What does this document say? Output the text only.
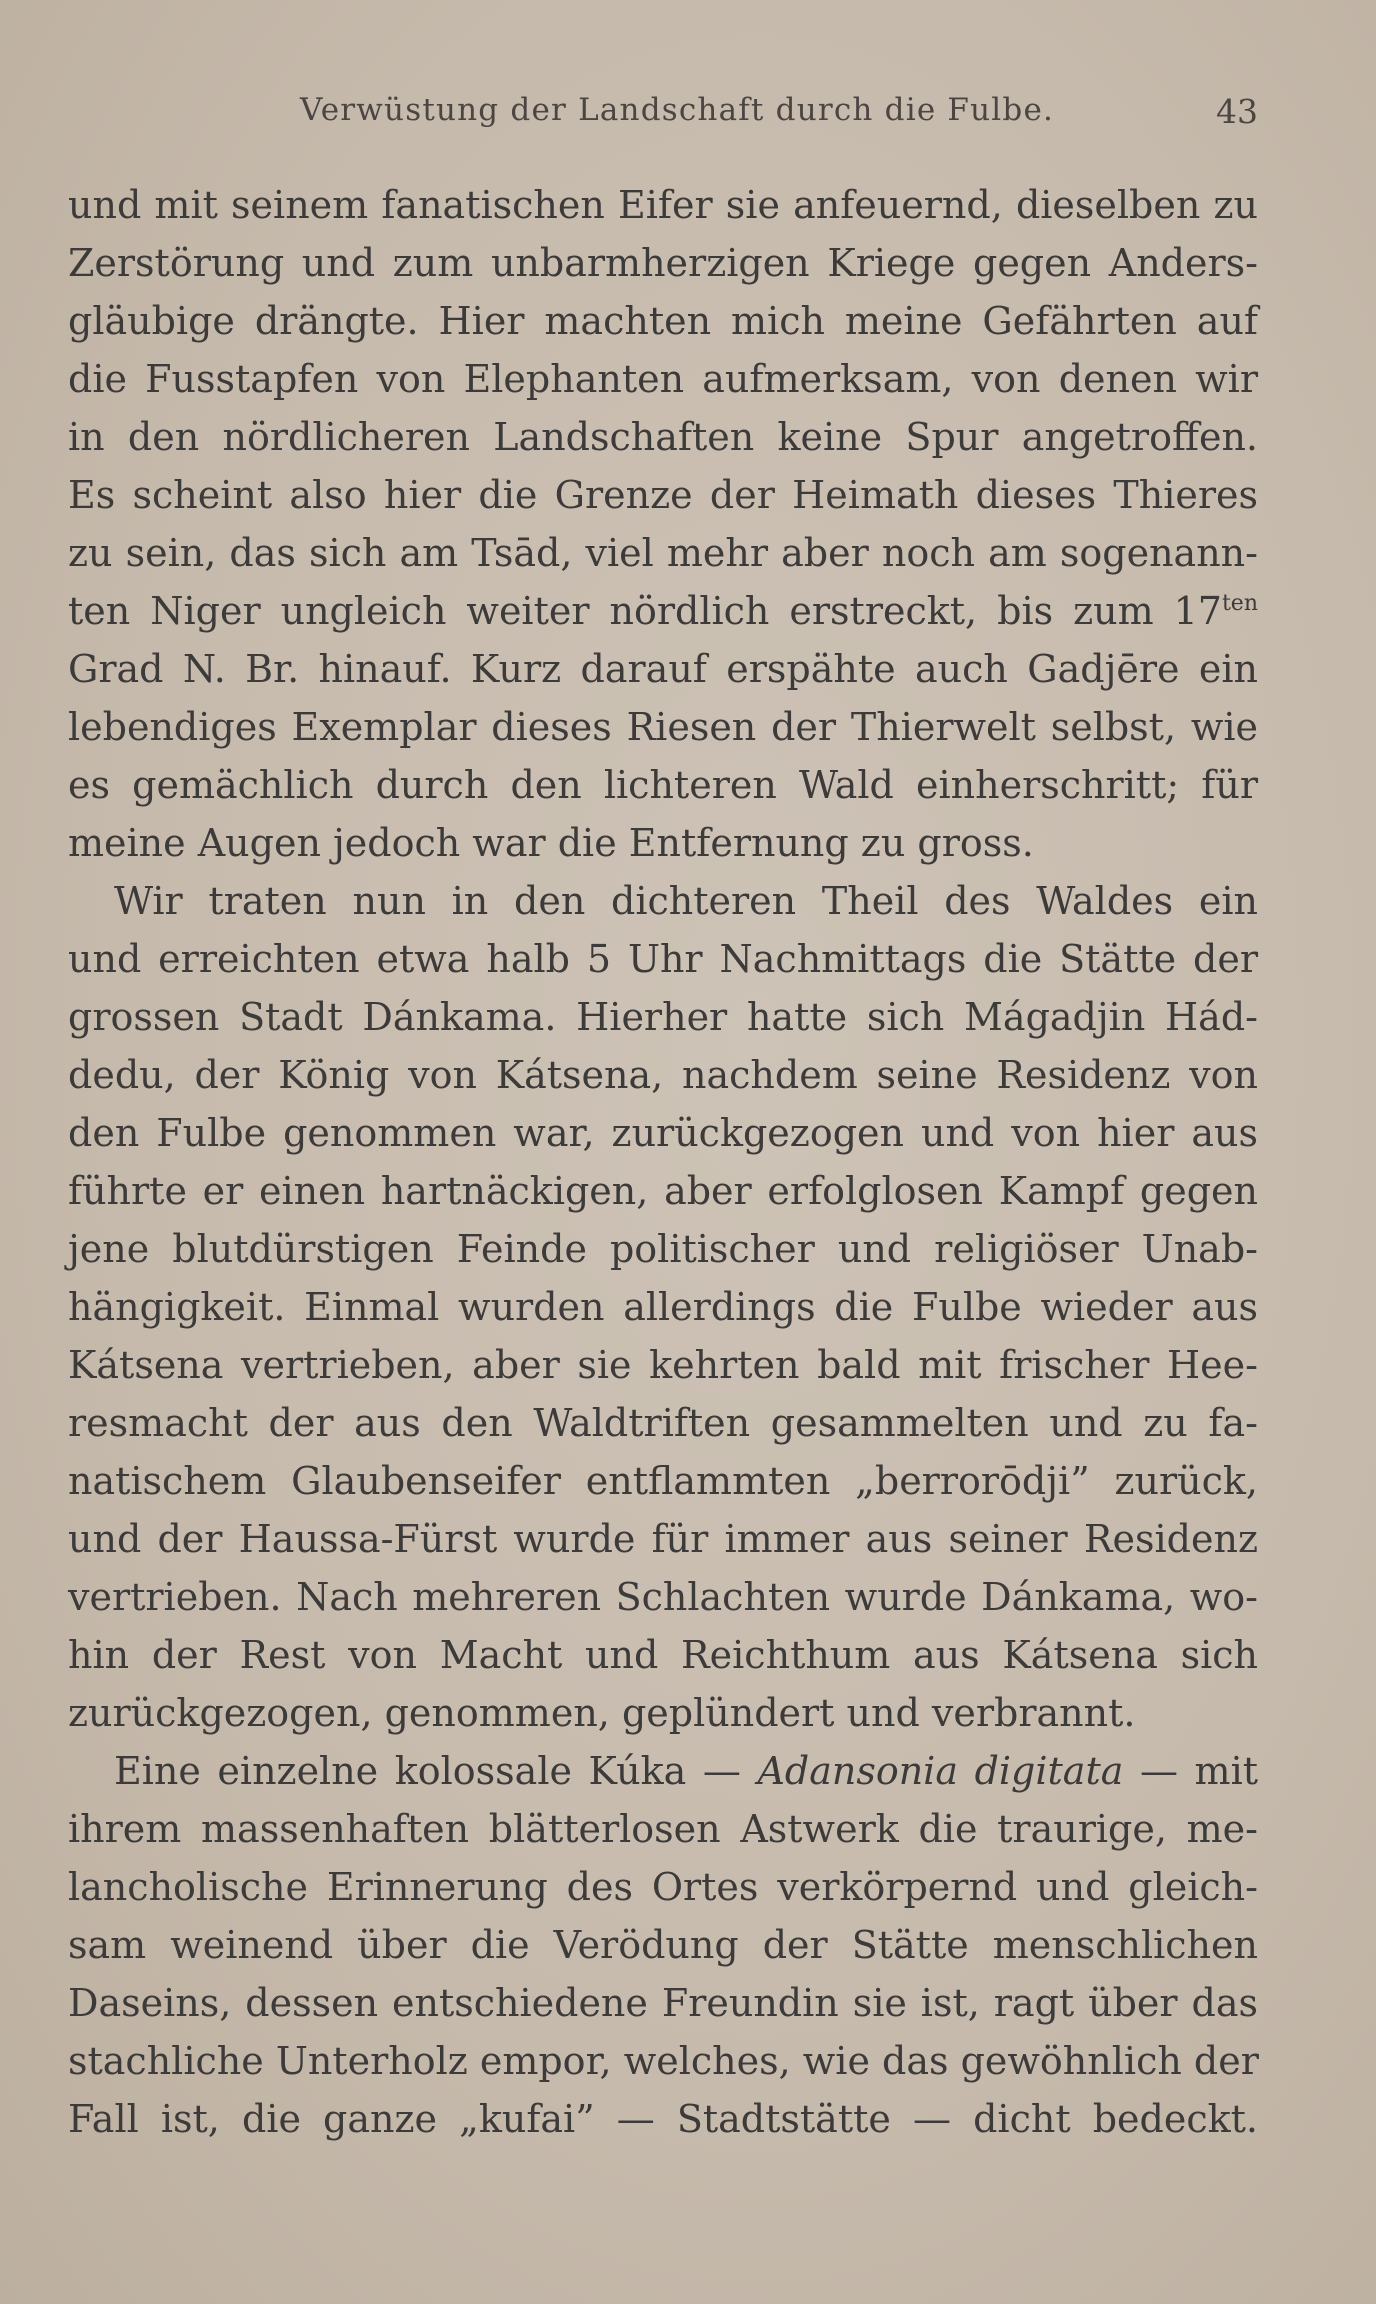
Verwüstung der Landschaft durch die Fulbe.	43
und mit seinem fanatischen Eifer sie anfeuernd, dieselben zu
Zerstörung und zum unbarmherzigen Kriege gegen Anders-
gläubige drängte. Hier machten mich meine Gefährten auf
die Fusstapfen von Elephanten aufmerksam, von denen wir
in den nördlicheren Landschaften keine Spur angetroffen.
Es scheint also hier die Grenze der Heimath dieses Thieres
zu sein, das sich am Tsād, viel mehr aber noch am sogenann-
ten Niger ungleich weiter nördlich erstreckt, bis zum $17^{ten}$
Grad N. Br. hinauf. Kurz darauf erspähte auch Gadjēre ein
lebendiges Exemplar dieses Riesen der Thierwelt selbst, wie
es gemächlich durch den lichteren Wald einherschritt; für
meine Augen jedoch war die Entfernung zu gross.
Wir traten nun in den dichteren Theil des Waldes ein
und erreichten etwa halb 5 Uhr Nachmittags die Stätte der
grossen Stadt Dánkama. Hierher hatte sich Mágadjin Hád-
dedu, der König von Kátsena, nachdem seine Residenz von
den Fulbe genommen war, zurückgezogen und von hier aus
führte er einen hartnäckigen, aber erfolglosen Kampf gegen
jene blutdürstigen Feinde politischer und religiöser Unab-
hängigkeit. Einmal wurden allerdings die Fulbe wieder aus
Kátsena vertrieben, aber sie kehrten bald mit frischer Hee-
resmacht der aus den Waldtriften gesammelten und zu fa-
natischem Glaubenseifer entflammten „berrorōdji” zurück,
und der Haussa-Fürst wurde für immer aus seiner Residenz
vertrieben. Nach mehreren Schlachten wurde Dánkama, wo-
hin der Rest von Macht und Reichthum aus Kátsena sich
zurückgezogen, genommen, geplündert und verbrannt.
Eine einzelne kolossale Kúka — Adansonia digitata — mit
ihrem massenhaften blätterlosen Astwerk die traurige, me-
lancholische Erinnerung des Ortes verkörpernd und gleich-
sam weinend über die Verödung der Stätte menschlichen
Daseins, dessen entschiedene Freundin sie ist, ragt über das
stachliche Unterholz empor, welches, wie das gewöhnlich der
Fall ist, die ganze „kufai” — Stadtstätte — dicht bedeckt.
